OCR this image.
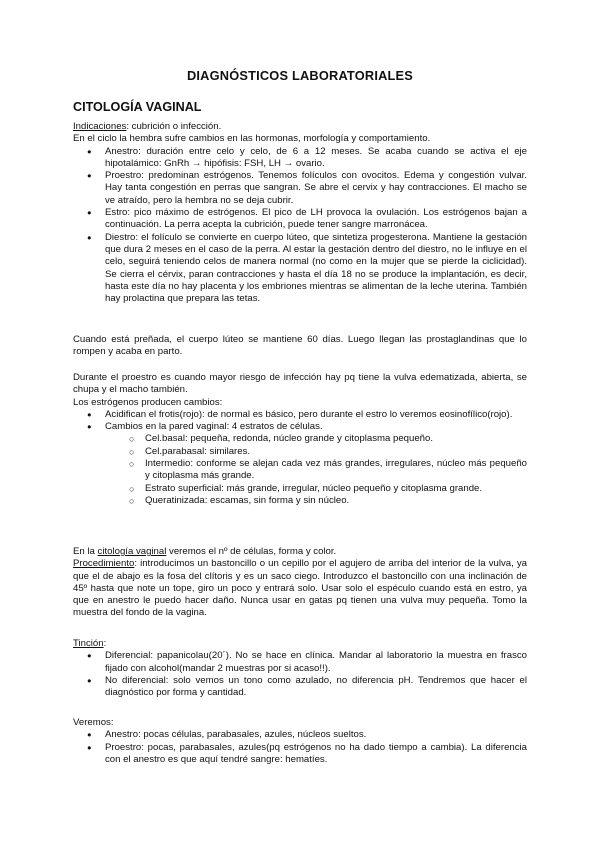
DIAGNÓSTICOS LABORATORIALES
CITOLOGÍA VAGINAL

Indicaciones: cubrición o infección.

En el ciclo la hembra sufre cambios en las hormonas, morfología y comportamiento.

● Anestro: duración entre celo y celo, de 6 a 12 meses. Se acaba cuando se activa el eje hipotalámico: GnRh → hipófisis: FSH, LH → ovario.
● Proestro: predominan estrógenos. Tenemos folículos con ovocitos. Edema y congestión vulvar. Hay tanta congestión en perras que sangran. Se abre el cervix y hay contracciones. El macho se ve atraído, pero la hembra no se deja cubrir.
● Estro: pico máximo de estrógenos. El pico de LH provoca la ovulación. Los estrógenos bajan a continuación. La perra acepta la cubrición, puede tener sangre marronácea.
● Diestro: el folículo se convierte en cuerpo lúteo, que sintetiza progesterona. Mantiene la gestación que dura 2 meses en el caso de la perra. Al estar la gestación dentro del diestro, no le influye en el celo, seguirá teniendo celos de manera normal (no como en la mujer que se pierde la ciclicidad). Se cierra el cérvix, paran contracciones y hasta el día 18 no se produce la implantación, es decir, hasta este día no hay placenta y los embriones mientras se alimentan de la leche uterina. También hay prolactina que prepara las tetas.
Cuando está preñada, el cuerpo lúteo se mantiene 60 días. Luego llegan las prostaglandinas que lo rompen y acaba en parto.

Durante el proestro es cuando mayor riesgo de infección hay pq tiene la vulva edematizada, abierta, se chupa y el macho también.

Los estrógenos producen cambios:

● Acidifican el frotis(rojo): de normal es básico, pero durante el estro lo veremos eosinofílico(rojo).
● Cambios en la pared vaginal: 4 estratos de células.
○ Cel.basal: pequeña, redonda, núcleo grande y citoplasma pequeño.
○ Cel.parabasal: similares.
○ Intermedio: conforme se alejan cada vez más grandes, irregulares, núcleo más pequeño y citoplasma más grande.
○ Estrato superficial: más grande, irregular, núcleo pequeño y citoplasma grande.
○ Queratinizada: escamas, sin forma y sin núcleo.

En la citología vaginal veremos el nº de células, forma y color.

Procedimiento: introducimos un bastoncillo o un cepillo por el agujero de arriba del interior de la vulva, ya que el de abajo es la fosa del clítoris y es un saco ciego. Introduzco el bastoncillo con una inclinación de 45º hasta que note un tope, giro un poco y entrará solo. Usar solo el espéculo cuando está en estro, ya que en anestro le puedo hacer daño. Nunca usar en gatas pq tienen una vulva muy pequeña. Tomo la muestra del fondo de la vagina.

Tinción:

● Diferencial: papanicolau(20´). No se hace en clínica. Mandar al laboratorio la muestra en frasco fijado con alcohol(mandar 2 muestras por si acaso!!).
● No diferencial: solo vemos un tono como azulado, no diferencia pH. Tendremos que hacer el diagnóstico por forma y cantidad.

Veremos:

● Anestro: pocas células, parabasales, azules, núcleos sueltos.
● Proestro: pocas, parabasales, azules(pq estrógenos no ha dado tiempo a cambia). La diferencia con el anestro es que aquí tendré sangre: hematíes.
